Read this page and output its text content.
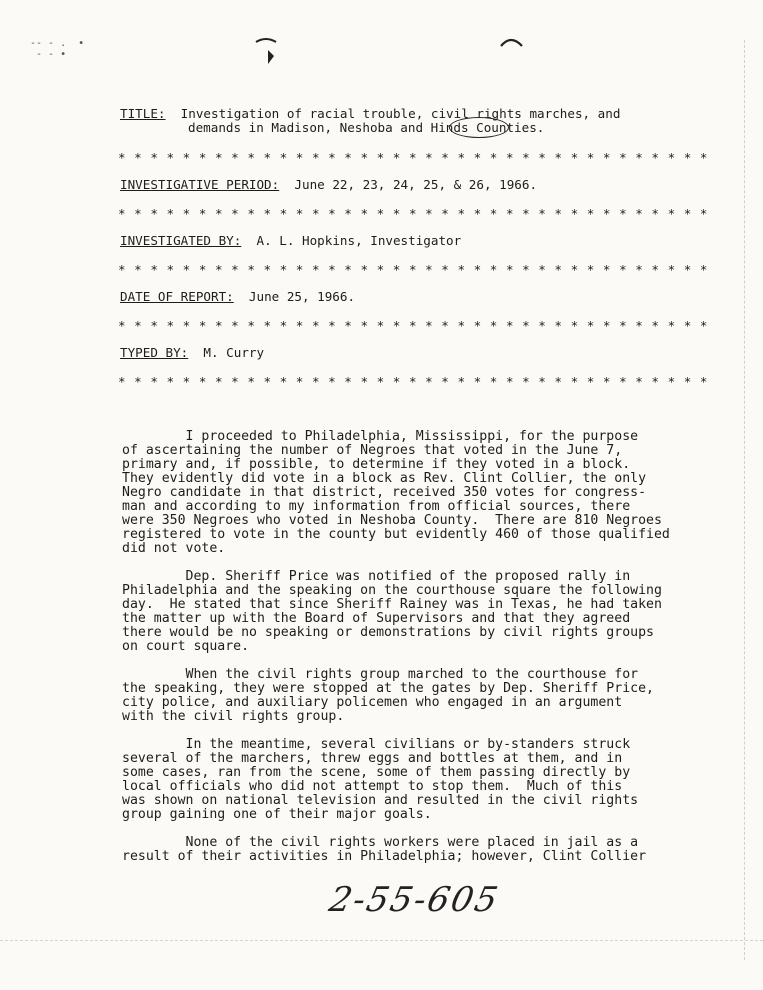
-- - .  •
- - •
TITLE: Investigation of racial trouble, civil rights marches, and
demands in Madison, Neshoba and Hinds Counties.
* * * * * * * * * * * * * * * * * * * * * * * * * * * * * * * * * * * * *
INVESTIGATIVE PERIOD: June 22, 23, 24, 25, & 26, 1966.
* * * * * * * * * * * * * * * * * * * * * * * * * * * * * * * * * * * * *
INVESTIGATED BY: A. L. Hopkins, Investigator
* * * * * * * * * * * * * * * * * * * * * * * * * * * * * * * * * * * * *
DATE OF REPORT: June 25, 1966.
* * * * * * * * * * * * * * * * * * * * * * * * * * * * * * * * * * * * *
TYPED BY: M. Curry
* * * * * * * * * * * * * * * * * * * * * * * * * * * * * * * * * * * * *
I proceeded to Philadelphia, Mississippi, for the purpose
of ascertaining the number of Negroes that voted in the June 7,
primary and, if possible, to determine if they voted in a block.
They evidently did vote in a block as Rev. Clint Collier, the only
Negro candidate in that district, received 350 votes for congress-
man and according to my information from official sources, there
were 350 Negroes who voted in Neshoba County.  There are 810 Negroes
registered to vote in the county but evidently 460 of those qualified
did not vote.
Dep. Sheriff Price was notified of the proposed rally in
Philadelphia and the speaking on the courthouse square the following
day.  He stated that since Sheriff Rainey was in Texas, he had taken
the matter up with the Board of Supervisors and that they agreed
there would be no speaking or demonstrations by civil rights groups
on court square.
When the civil rights group marched to the courthouse for
the speaking, they were stopped at the gates by Dep. Sheriff Price,
city police, and auxiliary policemen who engaged in an argument
with the civil rights group.
In the meantime, several civilians or by-standers struck
several of the marchers, threw eggs and bottles at them, and in
some cases, ran from the scene, some of them passing directly by
local officials who did not attempt to stop them.  Much of this
was shown on national television and resulted in the civil rights
group gaining one of their major goals.
None of the civil rights workers were placed in jail as a
result of their activities in Philadelphia; however, Clint Collier
2-55-605
